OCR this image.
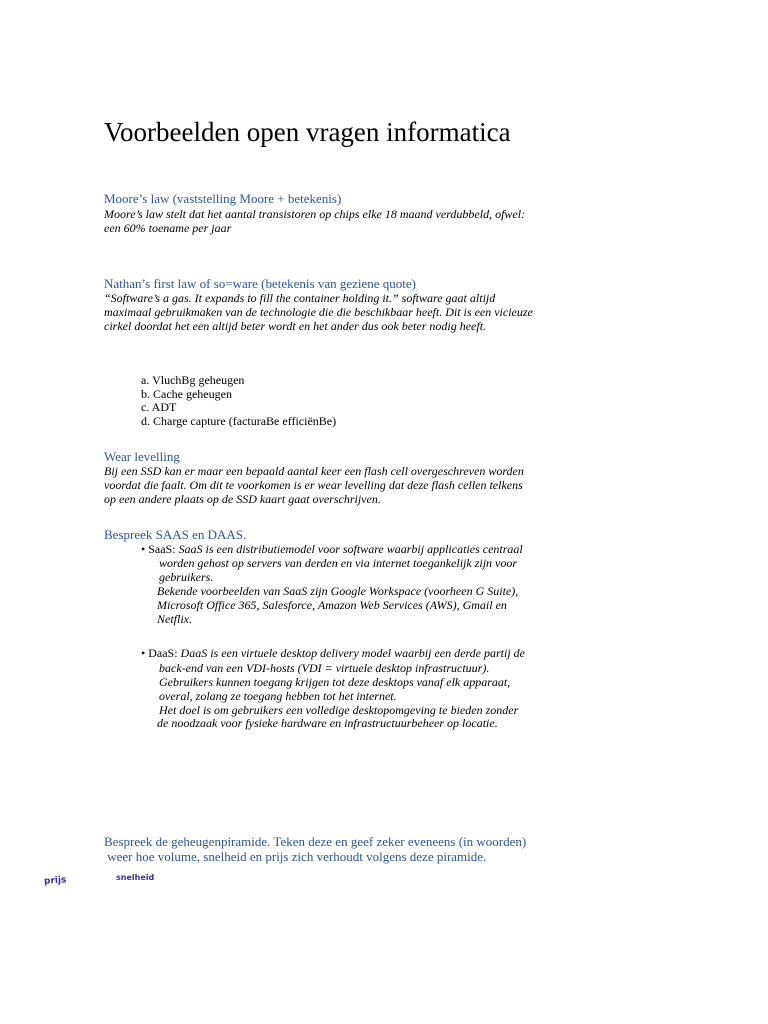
Voorbeelden open vragen informatica
Moore’s law (vaststelling Moore + betekenis)
Moore’s law stelt dat het aantal transistoren op chips elke 18 maand verdubbeld, ofwel:
een 60% toename per jaar
Nathan’s first law of so=ware (betekenis van geziene quote)
“Software’s a gas. It expands to fill the container holding it.” software gaat altijd
maximaal gebruikmaken van de technologie die die beschikbaar heeft. Dit is een vicieuze
cirkel doordat het een altijd beter wordt en het ander dus ook beter nodig heeft.
a. VluchBg geheugen
b. Cache geheugen
c. ADT
d. Charge capture (facturaBe efficiënBe)
Wear levelling
Bij een SSD kan er maar een bepaald aantal keer een flash cell overgeschreven worden
voordat die faalt. Om dit te voorkomen is er wear levelling dat deze flash cellen telkens
op een andere plaats op de SSD kaart gaat overschrijven.
Bespreek SAAS en DAAS.
• SaaS: SaaS is een distributiemodel voor software waarbij applicaties centraal
worden gehost op servers van derden en via internet toegankelijk zijn voor
gebruikers.
Bekende voorbeelden van SaaS zijn Google Workspace (voorheen G Suite),
Microsoft Office 365, Salesforce, Amazon Web Services (AWS), Gmail en
Netflix.
• DaaS: DaaS is een virtuele desktop delivery model waarbij een derde partij de
back-end van een VDI-hosts (VDI = virtuele desktop infrastructuur).
Gebruikers kunnen toegang krijgen tot deze desktops vanaf elk apparaat,
overal, zolang ze toegang hebben tot het internet.
Het doel is om gebruikers een volledige desktopomgeving te bieden zonder
de noodzaak voor fysieke hardware en infrastructuurbeheer op locatie.
Bespreek de geheugenpiramide. Teken deze en geef zeker eveneens (in woorden)
weer hoe volume, snelheid en prijs zich verhoudt volgens deze piramide.
prijs	snelheid
